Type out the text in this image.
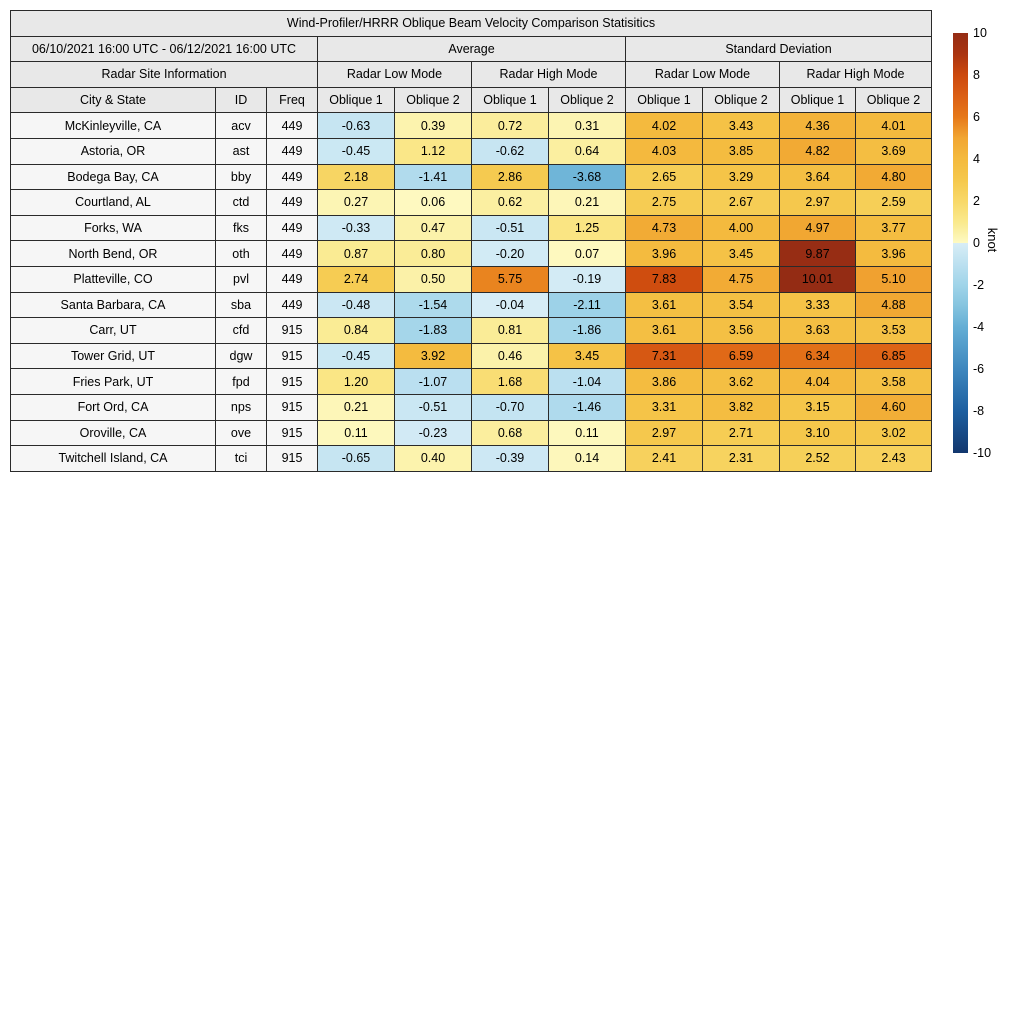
Wind-Profiler/HRRR Oblique Beam Velocity Comparison Statisitics										
06/10/2021 16:00 UTC - 06/12/2021 16:00 UTC			Average				Standard Deviation			
Radar Site Information			Radar Low Mode		Radar High Mode		Radar Low Mode		Radar High Mode	
City & State	ID	Freq	Oblique 1	Oblique 2	Oblique 1	Oblique 2	Oblique 1	Oblique 2	Oblique 1	Oblique 2
McKinleyville, CA	acv	449	-0.63	0.39	0.72	0.31	4.02	3.43	4.36	4.01
Astoria, OR	ast	449	-0.45	1.12	-0.62	0.64	4.03	3.85	4.82	3.69
Bodega Bay, CA	bby	449	2.18	-1.41	2.86	-3.68	2.65	3.29	3.64	4.80
Courtland, AL	ctd	449	0.27	0.06	0.62	0.21	2.75	2.67	2.97	2.59
Forks, WA	fks	449	-0.33	0.47	-0.51	1.25	4.73	4.00	4.97	3.77
North Bend, OR	oth	449	0.87	0.80	-0.20	0.07	3.96	3.45	9.87	3.96
Platteville, CO	pvl	449	2.74	0.50	5.75	-0.19	7.83	4.75	10.01	5.10
Santa Barbara, CA	sba	449	-0.48	-1.54	-0.04	-2.11	3.61	3.54	3.33	4.88
Carr, UT	cfd	915	0.84	-1.83	0.81	-1.86	3.61	3.56	3.63	3.53
Tower Grid, UT	dgw	915	-0.45	3.92	0.46	3.45	7.31	6.59	6.34	6.85
Fries Park, UT	fpd	915	1.20	-1.07	1.68	-1.04	3.86	3.62	4.04	3.58
Fort Ord, CA	nps	915	0.21	-0.51	-0.70	-1.46	3.31	3.82	3.15	4.60
Oroville, CA	ove	915	0.11	-0.23	0.68	0.11	2.97	2.71	3.10	3.02
Twitchell Island, CA	tci	915	-0.65	0.40	-0.39	0.14	2.41	2.31	2.52	2.43
10
8
6
4
2
0
-2
-4
-6
-8
-10
knot
